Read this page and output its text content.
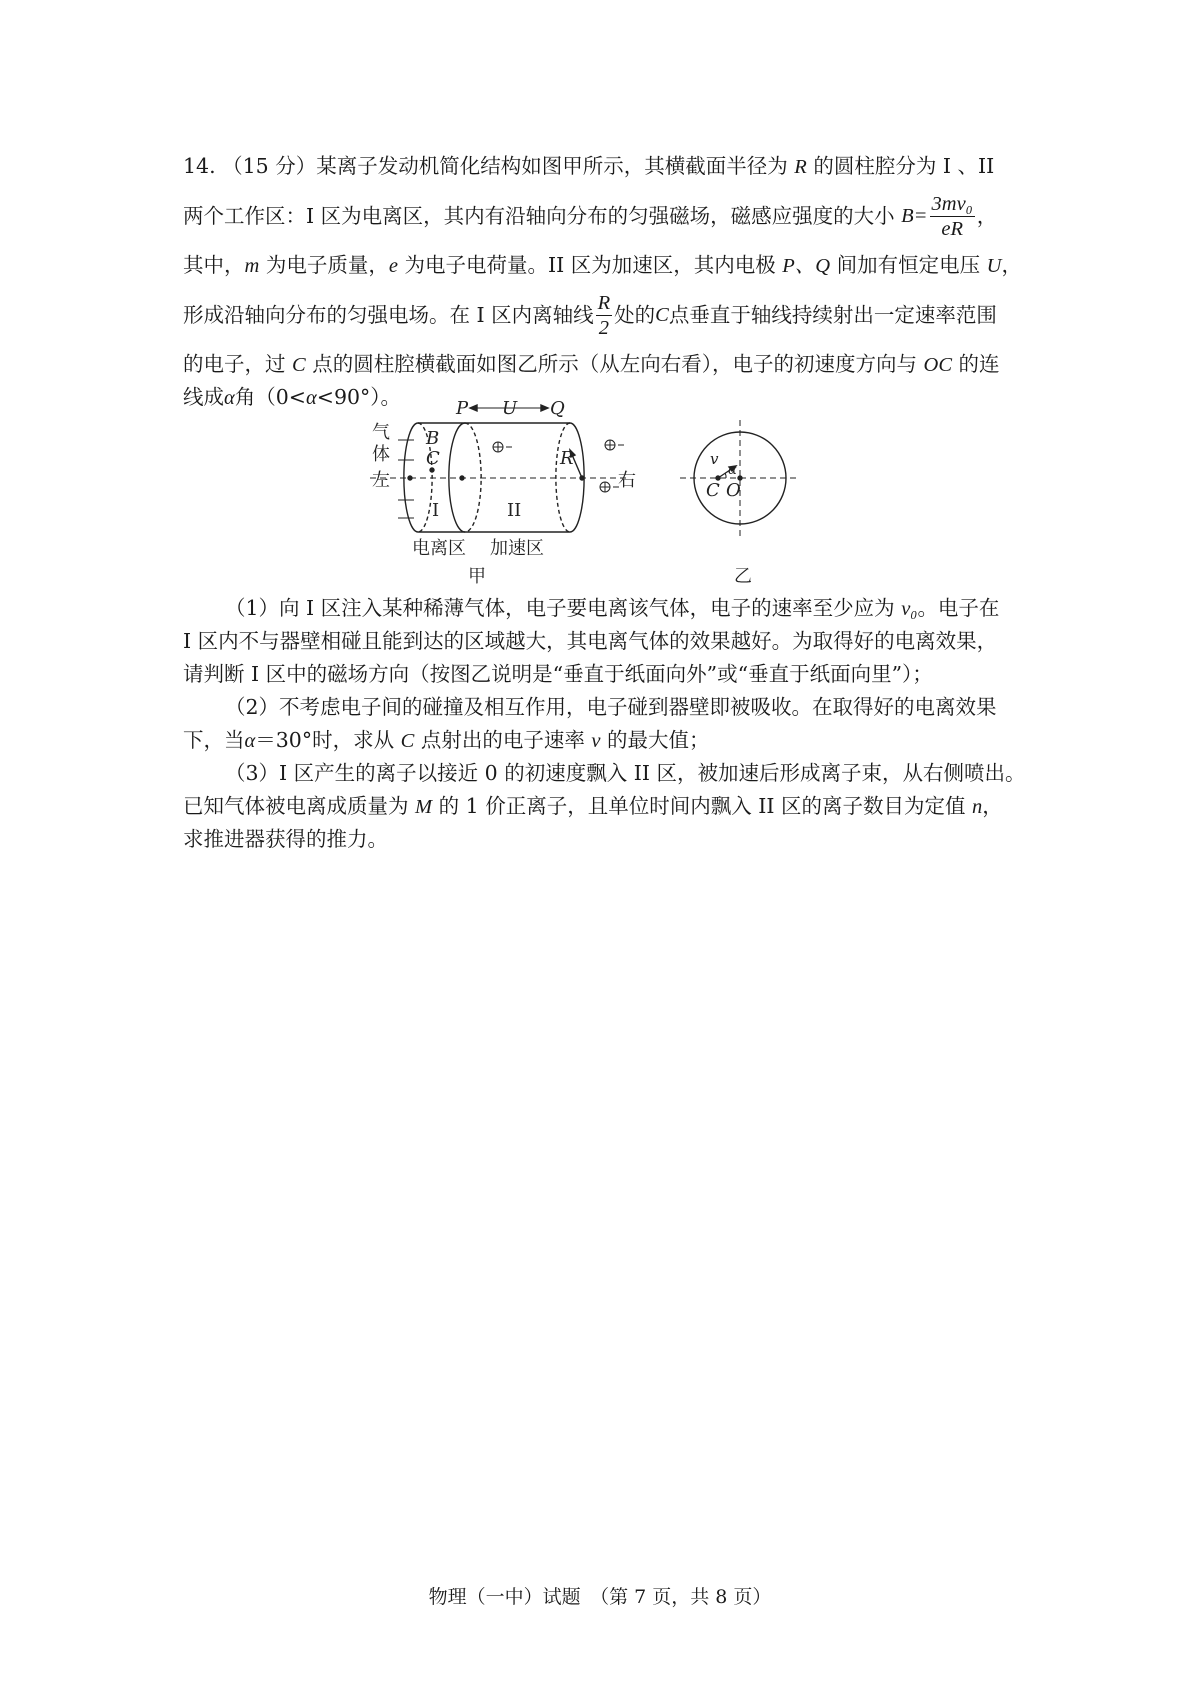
14. （15 分）某离子发动机简化结构如图甲所示，其横截面半径为 R 的圆柱腔分为 I 、II
两个工作区：I 区为电离区，其内有沿轴向分布的匀强磁场，磁感应强度的大小
$B= \frac{\text{3mv₀}}{eR}$ ，
其中，m 为电子质量，e 为电子电荷量。II 区为加速区，其内电极 P、Q 间加有恒定电压 U，
形成沿轴向分布的匀强电场。在 I 区内离轴线 $\frac{R}{2}$ 处的 C 点垂直于轴线持续射出一定速率范围
的电子，过 C 点的圆柱腔横截面如图乙所示（从左向右看），电子的初速度方向与 OC 的连
线成α角（0<α<90°）。
气
体
左	右
P U Q
B
C	R
I	II
电离区 加速区
甲
v
α
C O
乙
（1）向 I 区注入某种稀薄气体，电子要电离该气体，电子的速率至少应为 v₀。电子在
I 区内不与器壁相碰且能到达的区域越大，其电离气体的效果越好。为取得好的电离效果，
请判断 I 区中的磁场方向（按图乙说明是“垂直于纸面向外”或“垂直于纸面向里”）；
（2）不考虑电子间的碰撞及相互作用，电子碰到器壁即被吸收。在取得好的电离效果
下，当α＝30°时，求从 C 点射出的电子速率 v 的最大值；
（3）I 区产生的离子以接近 0 的初速度飘入 II 区，被加速后形成离子束，从右侧喷出。
已知气体被电离成质量为 M 的 1 价正离子，且单位时间内飘入 II 区的离子数目为定值 n，
求推进器获得的推力。
物理（一中）试题　（第 7 页，共 8 页）
